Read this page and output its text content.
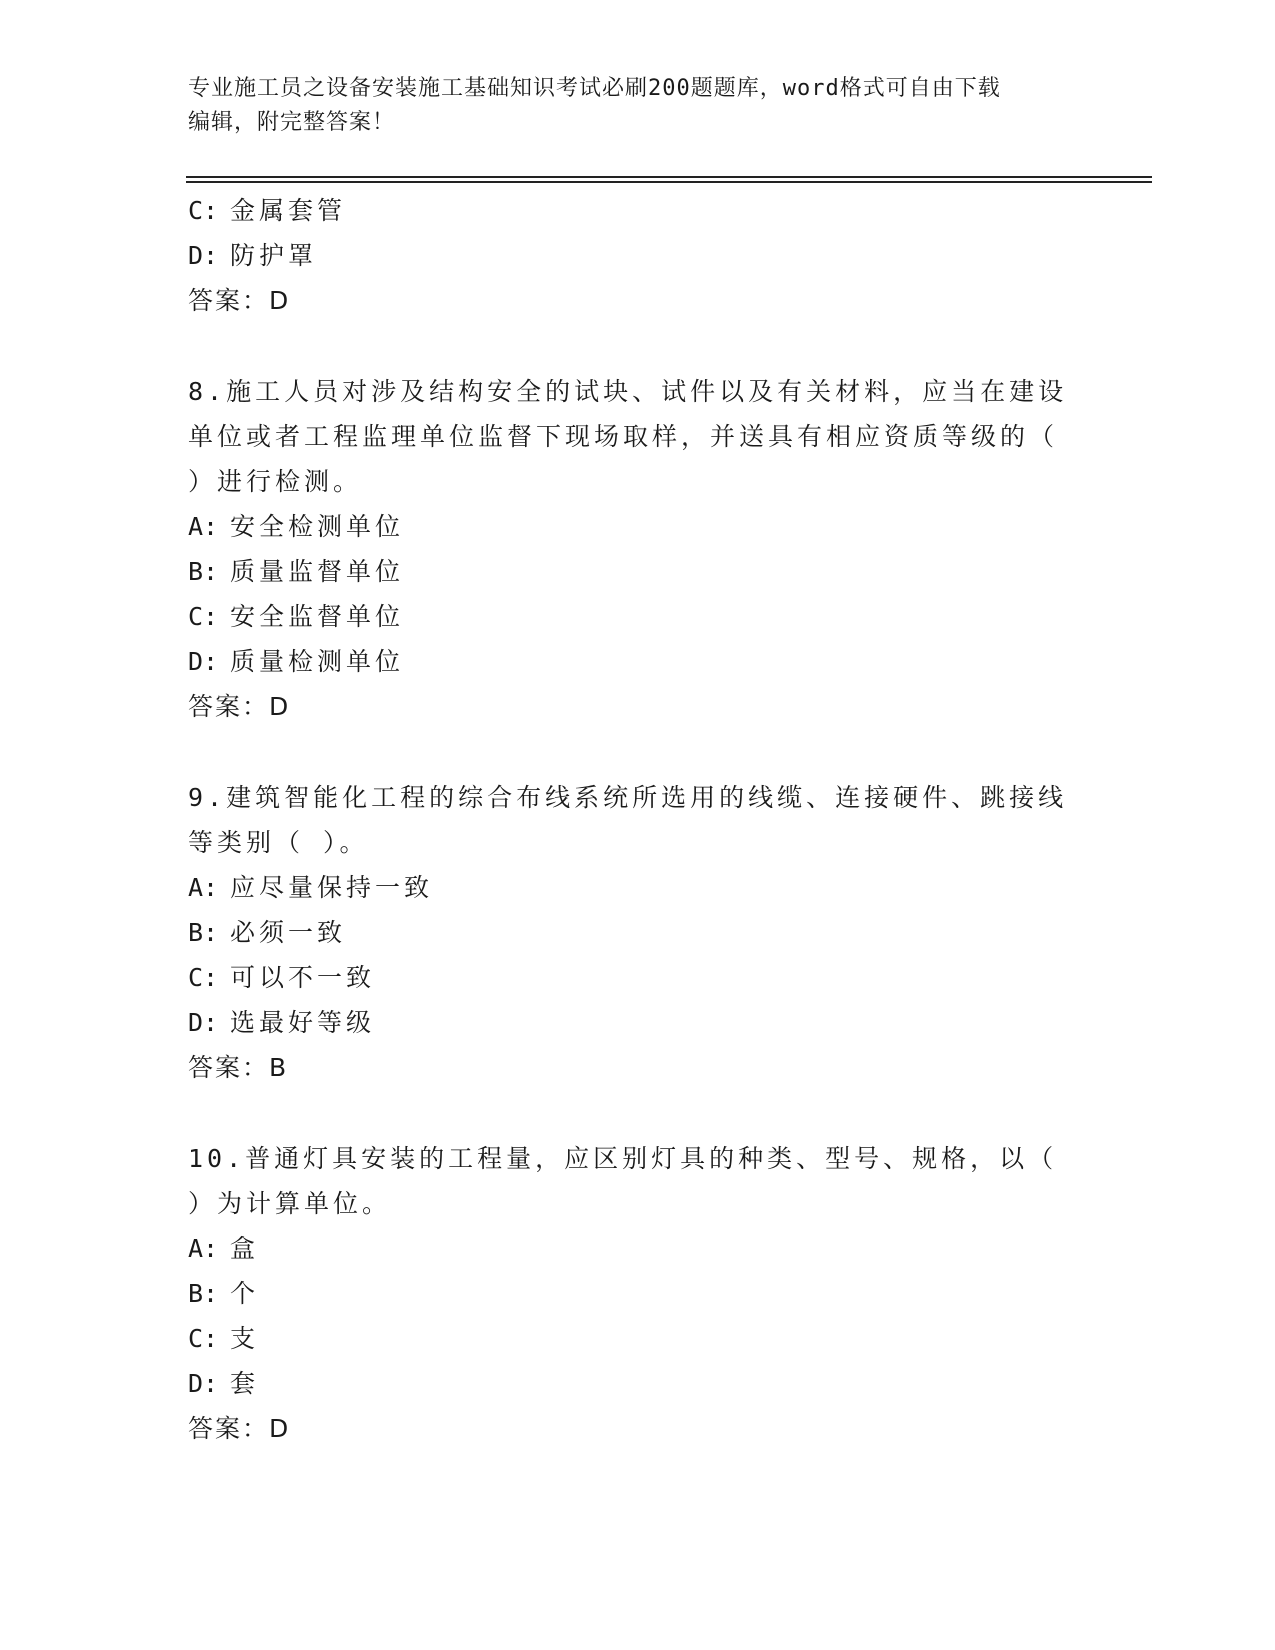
专业施工员之设备安装施工基础知识考试必刷200题题库，word格式可自由下载
编辑，附完整答案！
C: 金属套管
D: 防护罩
答案：D
8.施工人员对涉及结构安全的试块、试件以及有关材料，应当在建设
单位或者工程监理单位监督下现场取样，并送具有相应资质等级的（
）进行检测。
A: 安全检测单位
B: 质量监督单位
C: 安全监督单位
D: 质量检测单位
答案：D
9.建筑智能化工程的综合布线系统所选用的线缆、连接硬件、跳接线
等类别（ ）。
A: 应尽量保持一致
B: 必须一致
C: 可以不一致
D: 选最好等级
答案：B
10.普通灯具安装的工程量，应区别灯具的种类、型号、规格，以（
）为计算单位。
A: 盒
B: 个
C: 支
D: 套
答案：D
